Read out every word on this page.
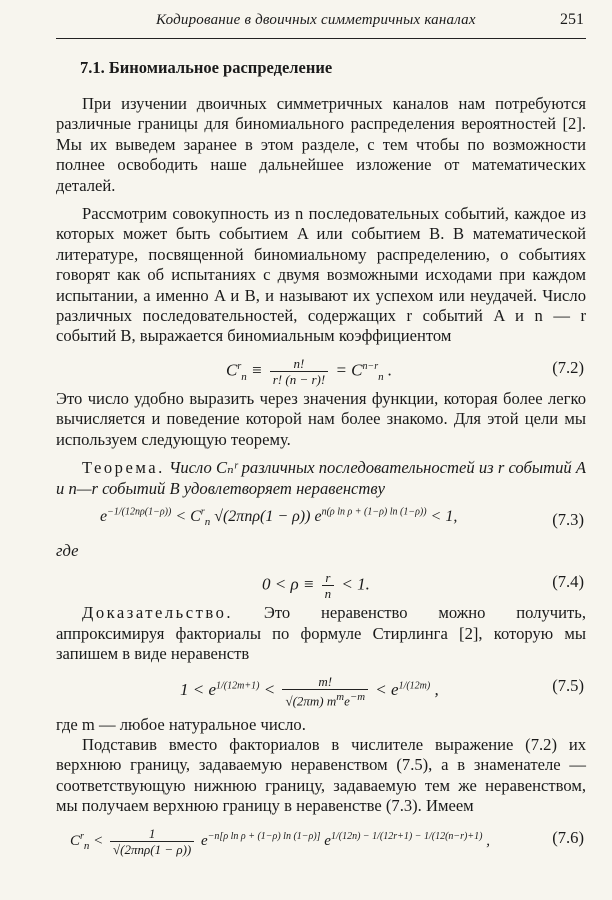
Кодирование в двоичных симметричных каналах	251
7.1. Биномиальное распределение

При изучении двоичных симметричных каналов нам потребуются различные границы для биномиального распределения вероятностей [2]. Мы их выведем заранее в этом разделе, с тем чтобы по возможности полнее освободить наше дальнейшее изложение от математических деталей.

Рассмотрим совокупность из n последовательных событий, каждое из которых может быть событием A или событием B. В математической литературе, посвященной биномиальному распределению, о событиях говорят как об испытаниях с двумя возможными исходами при каждом испытании, а именно A и B, и называют их успехом или неудачей. Число различных последовательностей, содержащих r событий A и n — r событий B, выражается биномиальным коэффициентом

$C^r_n \equiv \frac{n!}{r! (n - r)!} = C^{n-r}_n$ .	(7.2)

Это число удобно выразить через значения функции, которая более легко вычисляется и поведение которой нам более знакомо. Для этой цели мы используем следующую теорему.

Теорема. Число Cₙʳ различных последовательностей из r событий A и n—r событий B удовлетворяет неравенству

$e^{-1/(12n\rho(1-\rho))} < C^r_n$ √(2πnρ(1 − ρ)) $e^{n(\rho ln \rho + (1-\rho) ln (1-\rho))} < 1$,	(7.3)

где

$0 < \rho \equiv \frac{r}{n} < 1$.	(7.4)

Доказательство. Это неравенство можно получить, аппроксимируя факториалы по формуле Стирлинга [2], которую мы запишем в виде неравенств

$1 < e^{1/(12m+1)} < \frac{m!}{√(2\pi m) m^me^{-m}} < e^{1/(12m)}$ ,	(7.5)

где m — любое натуральное число.

Подставив вместо факториалов в числителе выражение (7.2) их верхнюю границу, задаваемую неравенством (7.5), а в знаменателе — соответствующую нижнюю границу, задаваемую тем же неравенством, мы получаем верхнюю границу в неравенстве (7.3). Имеем

$C^r_n < \frac{1}{\text{√(2πnρ(1 − ρ))}} e^{-n[\rho ln \rho + (1-\rho) ln (1-\rho)]}$ $e^{1/(12n) - 1/(12r+1) - 1/(12(n-r)+1)}$ ,	(7.6)
